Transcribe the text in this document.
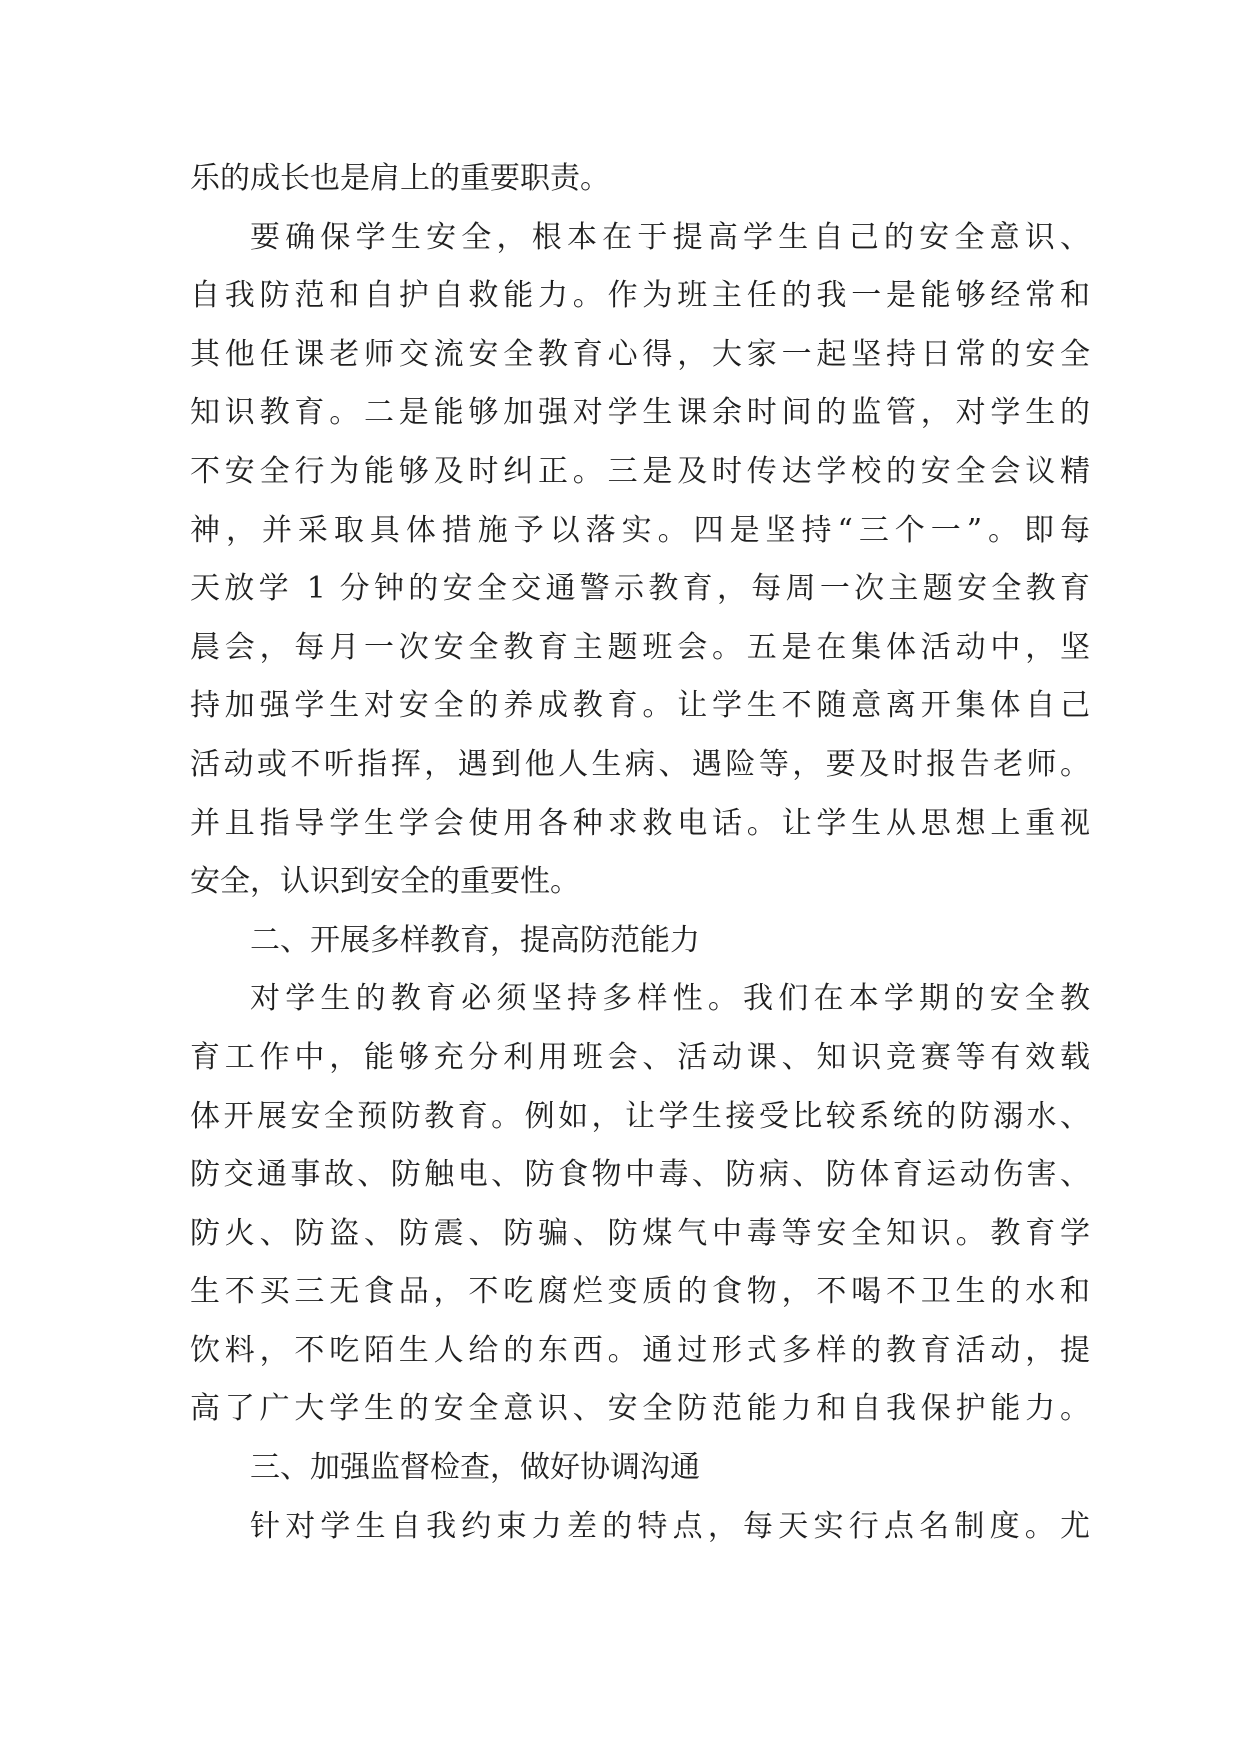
乐的成长也是肩上的重要职责。
要确保学生安全，根本在于提高学生自己的安全意识、
自我防范和自护自救能力。作为班主任的我一是能够经常和
其他任课老师交流安全教育心得，大家一起坚持日常的安全
知识教育。二是能够加强对学生课余时间的监管，对学生的
不安全行为能够及时纠正。三是及时传达学校的安全会议精
神，并采取具体措施予以落实。四是坚持“三个一”。即每
天放学 1 分钟的安全交通警示教育，每周一次主题安全教育
晨会，每月一次安全教育主题班会。五是在集体活动中，坚
持加强学生对安全的养成教育。让学生不随意离开集体自己
活动或不听指挥，遇到他人生病、遇险等，要及时报告老师。
并且指导学生学会使用各种求救电话。让学生从思想上重视
安全，认识到安全的重要性。
二、开展多样教育，提高防范能力
对学生的教育必须坚持多样性。我们在本学期的安全教
育工作中，能够充分利用班会、活动课、知识竞赛等有效载
体开展安全预防教育。例如，让学生接受比较系统的防溺水、
防交通事故、防触电、防食物中毒、防病、防体育运动伤害、
防火、防盗、防震、防骗、防煤气中毒等安全知识。教育学
生不买三无食品，不吃腐烂变质的食物，不喝不卫生的水和
饮料，不吃陌生人给的东西。通过形式多样的教育活动，提
高了广大学生的安全意识、安全防范能力和自我保护能力。
三、加强监督检查，做好协调沟通
针对学生自我约束力差的特点，每天实行点名制度。尤
